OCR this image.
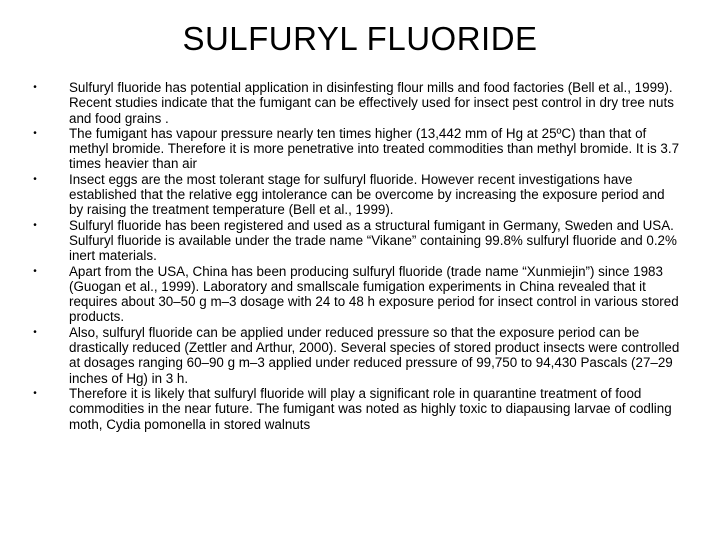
SULFURYL FLUORIDE
• Sulfuryl fluoride has potential application in disinfesting flour mills and food factories (Bell et al., 1999). Recent studies indicate that the fumigant can be effectively used for insect pest control in dry tree nuts and food grains .
• The fumigant has vapour pressure nearly ten times higher (13,442 mm of Hg at 25ºC) than that of methyl bromide. Therefore it is more penetrative into treated commodities than methyl bromide. It is 3.7 times heavier than air
• Insect eggs are the most tolerant stage for sulfuryl fluoride. However recent investigations have established that the relative egg intolerance can be overcome by increasing the exposure period and by raising the treatment temperature (Bell et al., 1999).
• Sulfuryl fluoride has been registered and used as a structural fumigant in Germany, Sweden and USA. Sulfuryl fluoride is available under the trade name “Vikane” containing 99.8% sulfuryl fluoride and 0.2% inert materials.
• Apart from the USA, China has been producing sulfuryl fluoride (trade name “Xunmiejin”) since 1983 (Guogan et al., 1999). Laboratory and smallscale fumigation experiments in China revealed that it requires about 30–50 g m–3 dosage with 24 to 48 h exposure period for insect control in various stored products.
• Also, sulfuryl fluoride can be applied under reduced pressure so that the exposure period can be drastically reduced (Zettler and Arthur, 2000). Several species of stored product insects were controlled at dosages ranging 60–90 g m–3 applied under reduced pressure of 99,750 to 94,430 Pascals (27–29 inches of Hg) in 3 h.
• Therefore it is likely that sulfuryl fluoride will play a significant role in quarantine treatment of food commodities in the near future. The fumigant was noted as highly toxic to diapausing larvae of codling moth, Cydia pomonella in stored walnuts
